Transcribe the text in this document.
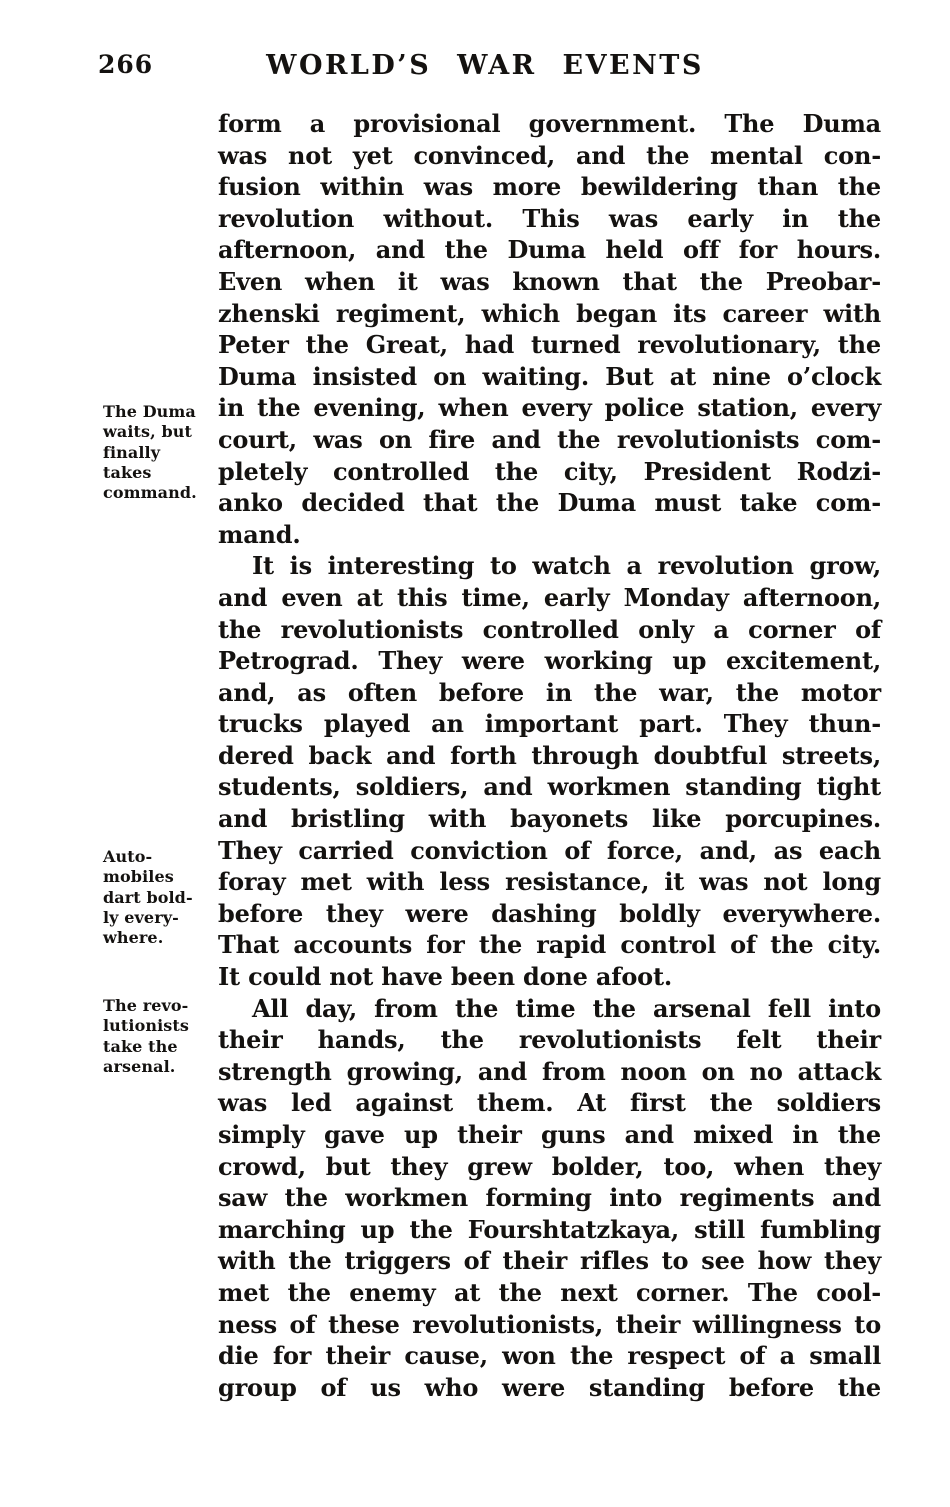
266	WORLD’S WAR EVENTS
form a provisional government. The Duma
was not yet convinced, and the mental con-
fusion within was more bewildering than the
revolution without. This was early in the
afternoon, and the Duma held off for hours.
Even when it was known that the Preobar-
zhenski regiment, which began its career with
Peter the Great, had turned revolutionary, the
Duma insisted on waiting. But at nine o’clock
in the evening, when every police station, every
court, was on fire and the revolutionists com-
pletely controlled the city, President Rodzi-
anko decided that the Duma must take com-
mand.
It is interesting to watch a revolution grow,
and even at this time, early Monday afternoon,
the revolutionists controlled only a corner of
Petrograd. They were working up excitement,
and, as often before in the war, the motor
trucks played an important part. They thun-
dered back and forth through doubtful streets,
students, soldiers, and workmen standing tight
and bristling with bayonets like porcupines.
They carried conviction of force, and, as each
foray met with less resistance, it was not long
before they were dashing boldly everywhere.
That accounts for the rapid control of the city.
It could not have been done afoot.
All day, from the time the arsenal fell into
their hands, the revolutionists felt their
strength growing, and from noon on no attack
was led against them. At first the soldiers
simply gave up their guns and mixed in the
crowd, but they grew bolder, too, when they
saw the workmen forming into regiments and
marching up the Fourshtatzkaya, still fumbling
with the triggers of their rifles to see how they
met the enemy at the next corner. The cool-
ness of these revolutionists, their willingness to
die for their cause, won the respect of a small
group of us who were standing before the
The Duma
waits, but
finally
takes
command.
Auto-
mobiles
dart bold-
ly every-
where.
The revo-
lutionists
take the
arsenal.
